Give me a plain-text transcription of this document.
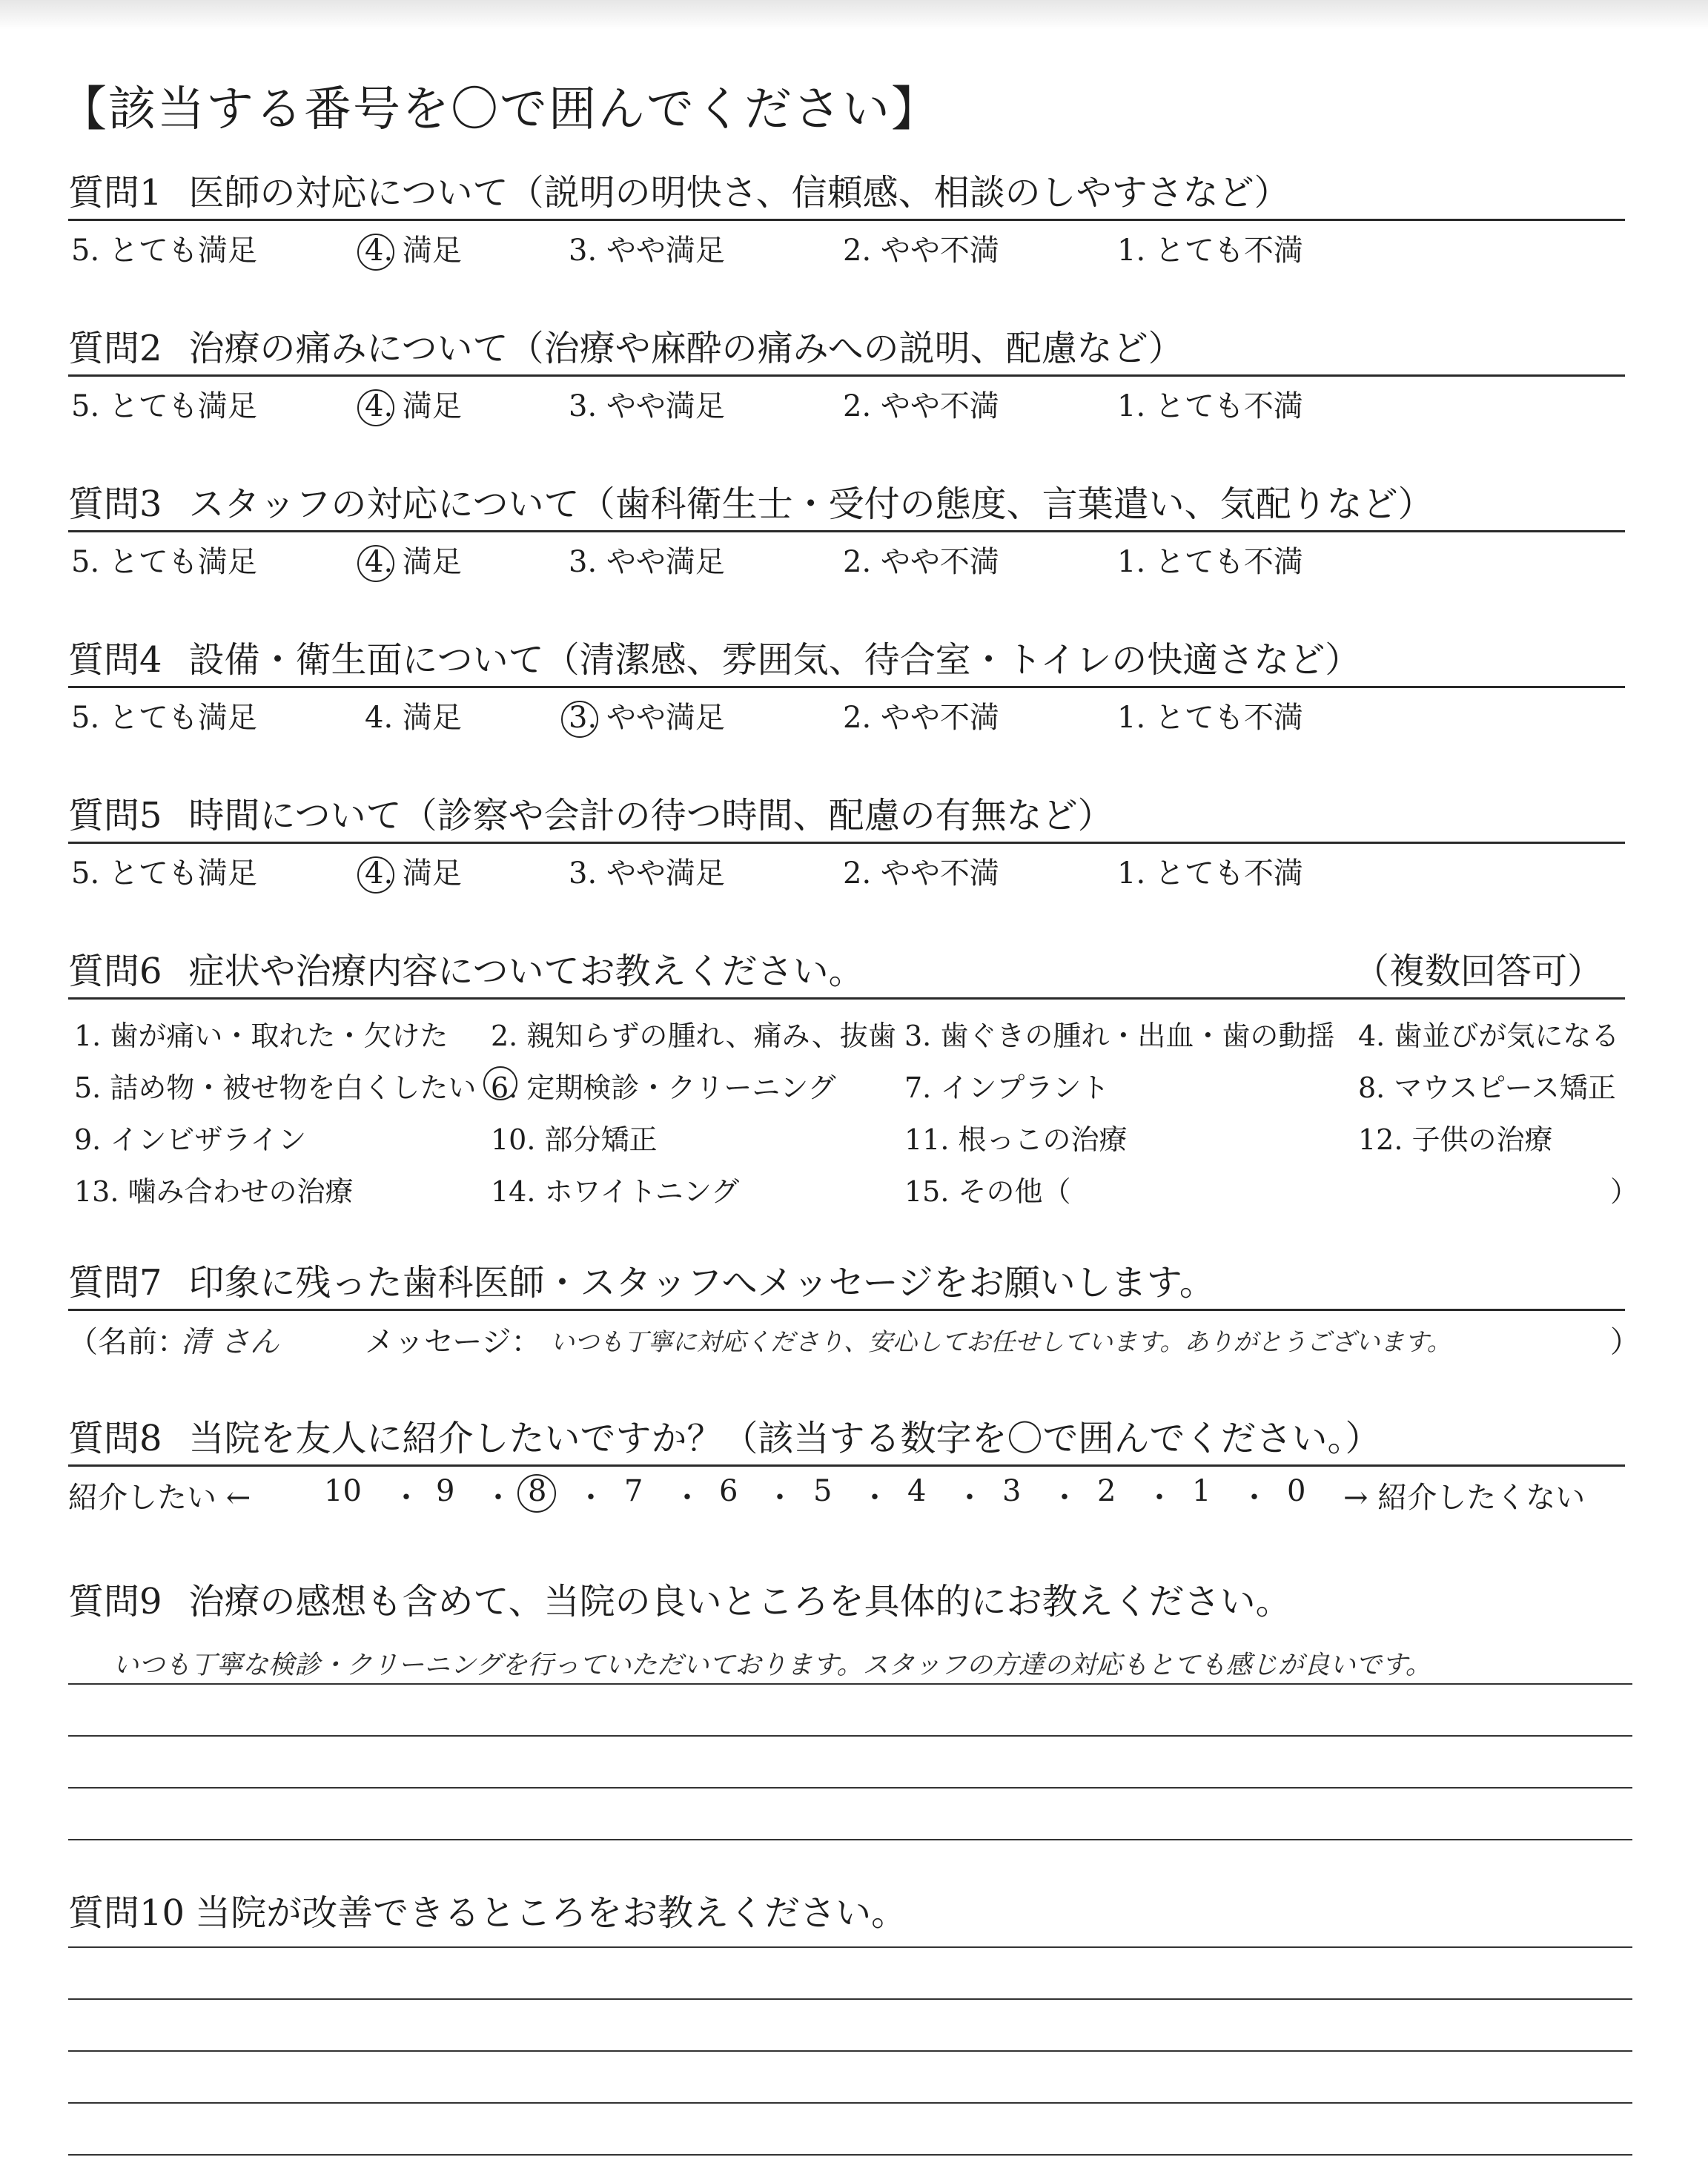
【該当する番号を〇で囲んでください】
質問1 医師の対応について（説明の明快さ、信頼感、相談のしやすさなど）
5. とても満足	4. 満足	3. やや満足	2. やや不満	1. とても不満
質問2 治療の痛みについて（治療や麻酔の痛みへの説明、配慮など）
5. とても満足	4. 満足	3. やや満足	2. やや不満	1. とても不満
質問3 スタッフの対応について（歯科衛生士・受付の態度、言葉遣い、気配りなど）
5. とても満足	4. 満足	3. やや満足	2. やや不満	1. とても不満
質問4 設備・衛生面について（清潔感、雰囲気、待合室・トイレの快適さなど）
5. とても満足	4. 満足	3. やや満足	2. やや不満	1. とても不満
質問5 時間について（診察や会計の待つ時間、配慮の有無など）
5. とても満足	4. 満足	3. やや満足	2. やや不満	1. とても不満
質問6 症状や治療内容についてお教えください。	（複数回答可）
1. 歯が痛い・取れた・欠けた 2. 親知らずの腫れ、痛み、抜歯 3. 歯ぐきの腫れ・出血・歯の動揺 4. 歯並びが気になる
5. 詰め物・被せ物を白くしたい 6. 定期検診・クリーニング 7. インプラント	8. マウスピース矯正
9. インビザライン	10. 部分矯正	11. 根っこの治療	12. 子供の治療
13. 噛み合わせの治療	14. ホワイトニング	15. その他（	）
質問7 印象に残った歯科医師・スタッフへメッセージをお願いします。
（名前：
清 さん	メッセージ： いつも丁寧に対応くださり、安心してお任せしています。ありがとうございます。	）
質問8 当院を友人に紹介したいですか？（該当する数字を〇で囲んでください。）
紹介したい ← 10 ・ 9 ・ 8 ・ 7 ・ 6 ・ 5 ・ 4 ・ 3 ・ 2 ・ 1 ・ 0 → 紹介したくない
質問9 治療の感想も含めて、当院の良いところを具体的にお教えください。
いつも丁寧な検診・クリーニングを行っていただいております。スタッフの方達の対応もとても感じが良いです。
質問10 当院が改善できるところをお教えください。
